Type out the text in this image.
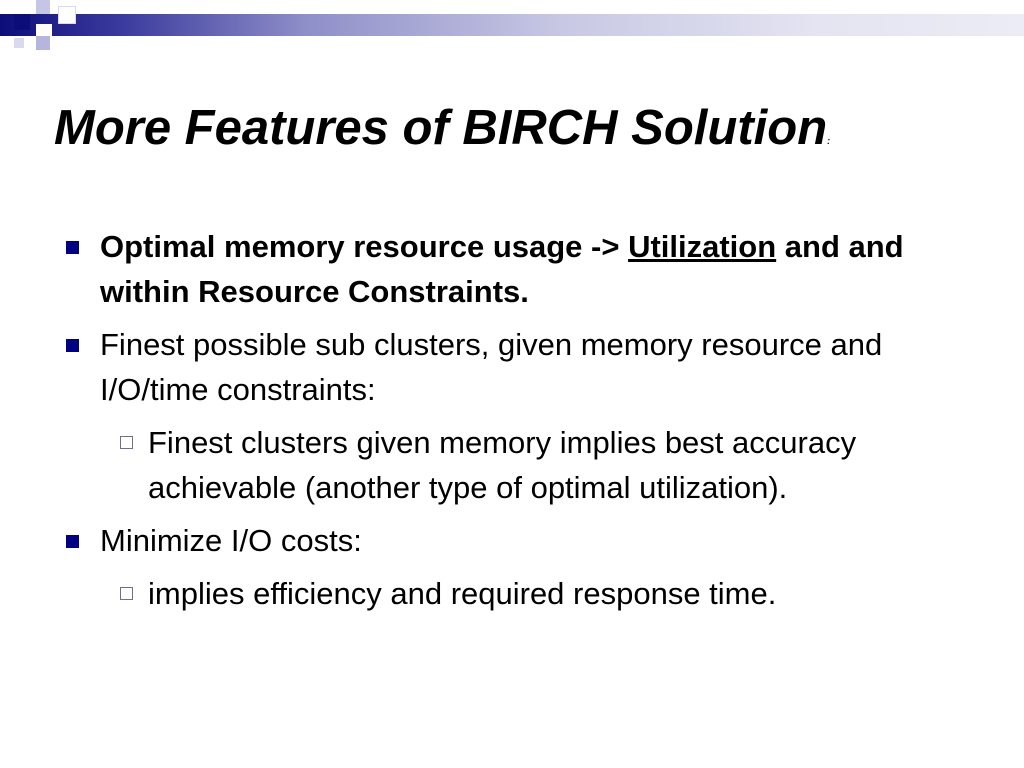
More Features of BIRCH Solution:
Optimal memory resource usage -> Utilization and and within Resource Constraints.
Finest possible sub clusters, given memory resource and I/O/time constraints:
Finest clusters given memory implies best accuracy achievable (another type of optimal utilization).
Minimize I/O costs:
implies efficiency and required response time.
